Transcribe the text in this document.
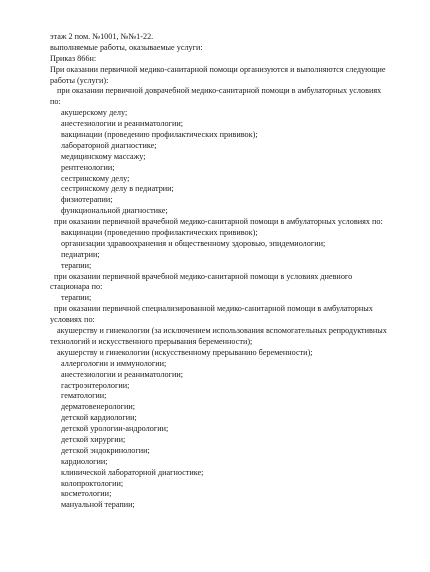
этаж 2 пом. №1001, №№1-22.
выполняемые работы, оказываемые услуги:
Приказ 866н:
При оказании первичной медико-санитарной помощи организуются и выполняются следующие
работы (услуги):
при оказании первичной доврачебной медико-санитарной помощи в амбулаторных условиях
по:
акушерскому делу;
анестезиологии и реаниматологии;
вакцинации (проведению профилактических прививок);
лабораторной диагностике;
медицинскому массажу;
рентгенологии;
сестринскому делу;
сестринскому делу в педиатрии;
физиотерапии;
функциональной диагностике;
при оказании первичной врачебной медико-санитарной помощи в амбулаторных условиях по:
вакцинации (проведению профилактических прививок);
организации здравоохранения и общественному здоровью, эпидемиологии;
педиатрии;
терапии;
при оказании первичной врачебной медико-санитарной помощи в условиях дневного
стационара по:
терапии;
при оказании первичной специализированной медико-санитарной помощи в амбулаторных
условиях по:
акушерству и гинекологии (за исключением использования вспомогательных репродуктивных
технологий и искусственного прерывания беременности);
акушерству и гинекологии (искусственному прерыванию беременности);
аллергологии и иммунологии;
анестезиологии и реаниматологии;
гастроэнтерологии;
гематологии;
дерматовенерологии;
детской кардиологии;
детской урологии-андрологии;
детской хирургии;
детской эндокринологии;
кардиологии;
клинической лабораторной диагностике;
колопроктологии;
косметологии;
мануальной терапии;
